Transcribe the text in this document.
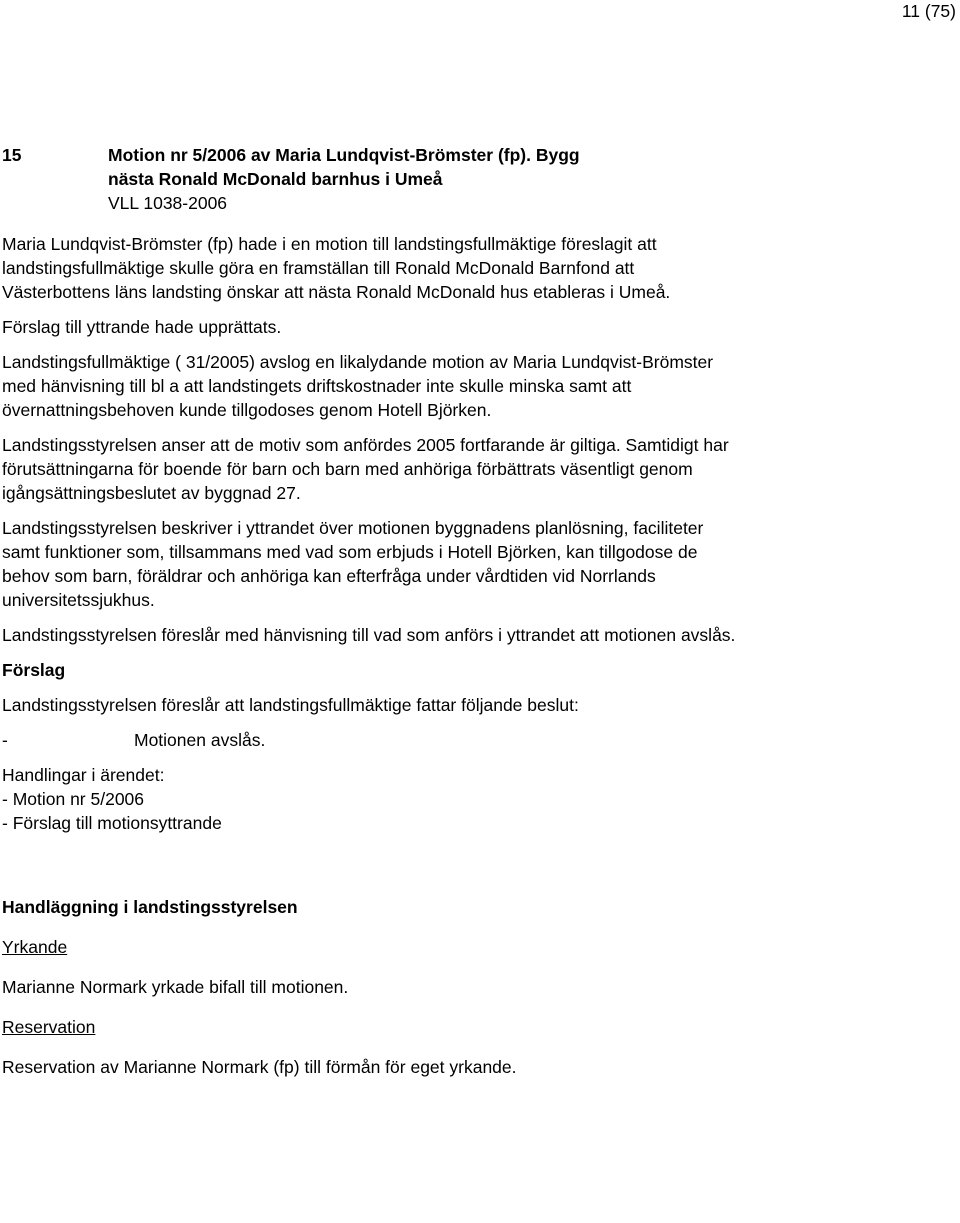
11 (75)
15	Motion nr 5/2006 av Maria Lundqvist-Brömster (fp). Bygg nästa Ronald McDonald barnhus i Umeå
VLL 1038-2006

Maria Lundqvist-Brömster (fp) hade i en motion till landstingsfullmäktige föreslagit att landstingsfullmäktige skulle göra en framställan till Ronald McDonald Barnfond att Västerbottens läns landsting önskar att nästa Ronald McDonald hus etableras i Umeå.

Förslag till yttrande hade upprättats.

Landstingsfullmäktige ( 31/2005) avslog en likalydande motion av Maria Lundqvist-Brömster med hänvisning till bl a att landstingets driftskostnader inte skulle minska samt att övernattningsbehoven kunde tillgodoses genom Hotell Björken.

Landstingsstyrelsen anser att de motiv som anfördes 2005 fortfarande är giltiga. Samtidigt har förutsättningarna för boende för barn och barn med anhöriga förbättrats väsentligt genom igångsättningsbeslutet av byggnad 27.

Landstingsstyrelsen beskriver i yttrandet över motionen byggnadens planlösning, faciliteter samt funktioner som, tillsammans med vad som erbjuds i Hotell Björken, kan tillgodose de behov som barn, föräldrar och anhöriga kan efterfråga under vårdtiden vid Norrlands universitetssjukhus.

Landstingsstyrelsen föreslår med hänvisning till vad som anförs i yttrandet att motionen avslås.

Förslag

Landstingsstyrelsen föreslår att landstingsfullmäktige fattar följande beslut:

-	Motionen avslås.

Handlingar i ärendet:
- Motion nr 5/2006
- Förslag till motionsyttrande

Handläggning i landstingsstyrelsen

Yrkande

Marianne Normark yrkade bifall till motionen.

Reservation

Reservation av Marianne Normark (fp) till förmån för eget yrkande.
